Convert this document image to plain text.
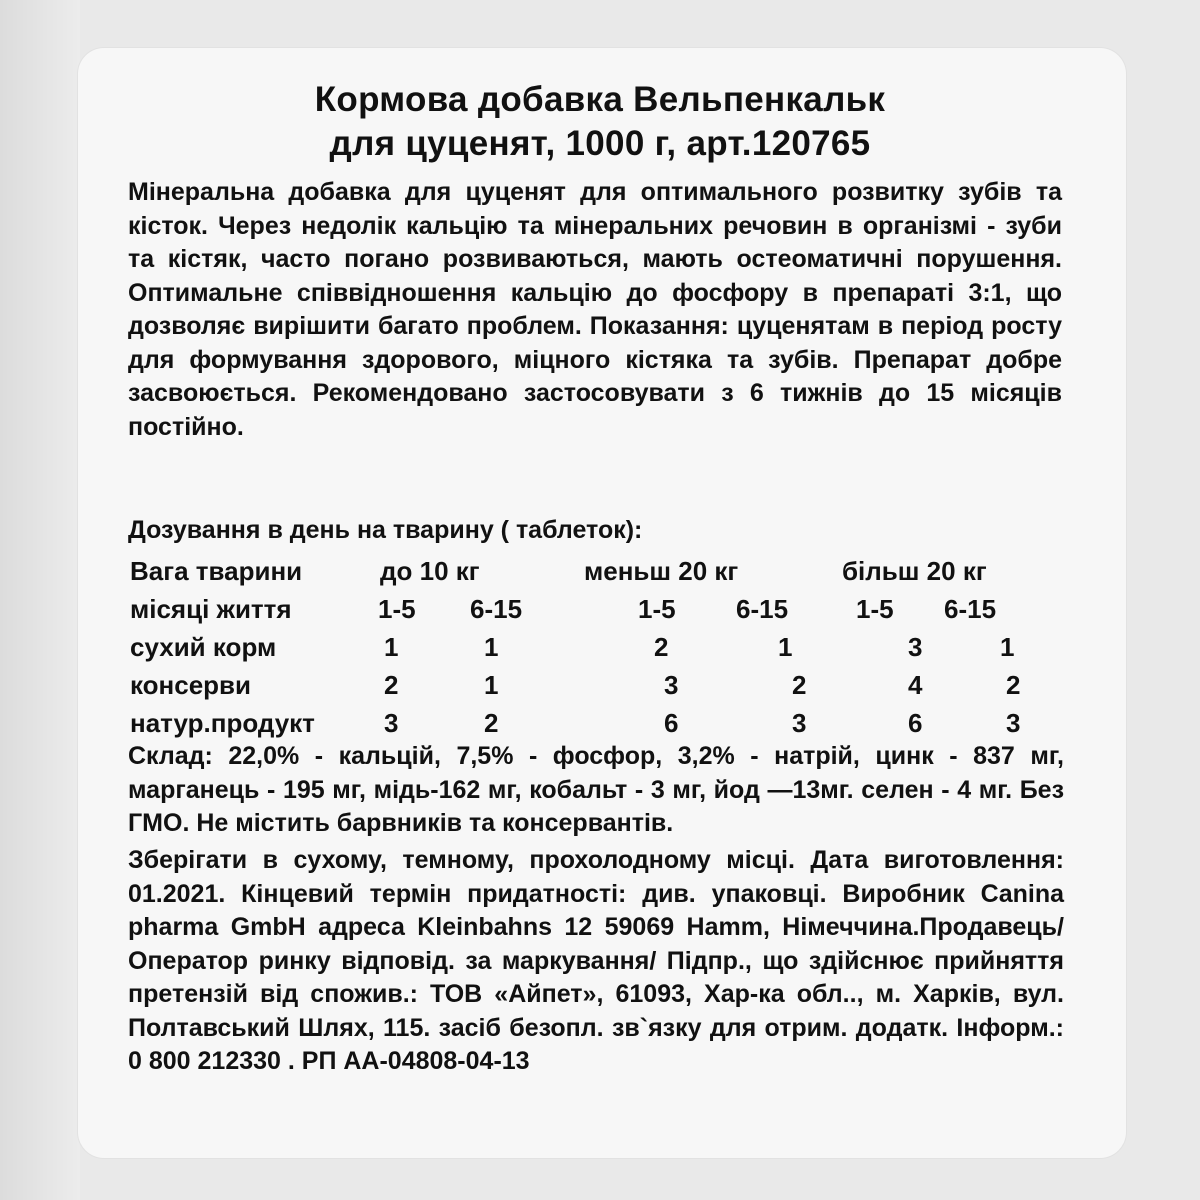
Кормова добавка Вельпенкальк
для цуценят, 1000 г, арт.120765
Мінеральна добавка для цуценят для оптимального розвитку зубів та кісток. Через недолік кальцію та мінеральних речовин в організмі - зуби та кістяк, часто погано розвиваються, мають остеоматичні порушення. Оптимальне співвідношення кальцію до фосфору в препараті 3:1, що дозволяє вирішити багато проблем. Показання: цуценятам в період росту для формування здорового, міцного кістяка та зубів. Препарат добре засвоюється. Рекомендовано застосовувати з 6 тижнів до 15 місяців постійно.
Дозування в день на тварину ( таблеток):
Вага тварини	до 10 кг	меньш 20 кг	більш 20 кг
місяці життя	1-5 6-15	1-5 6-15	1-5 6-15
сухий корм	1	1	2	1	3	1
консерви	2	1	3	2	4	2
натур.продукт	3	2	6	3	6	3
Склад: 22,0% - кальцій, 7,5% - фосфор, 3,2% - натрій, цинк - 837 мг, марганець - 195 мг, мідь-162 мг, кобальт - 3 мг, йод —13мг. селен - 4 мг. Без ГМО. Не містить барвників та консервантів.
Зберігати в сухому, темному, прохолодному місці. Дата виготовлення: 01.2021. Кінцевий термін придатності: див. упаковці. Виробник Canina pharma GmbH адреса Kleinbahns 12 59069 Hamm, Німеччина.Продавець/ Оператор ринку відповід. за маркування/ Підпр., що здійснює прийняття претензій від спожив.: ТОВ «Айпет», 61093, Хар-ка обл.., м. Харків, вул. Полтавський Шлях, 115. засіб безопл. зв`язку для отрим. додатк. Інформ.: 0 800 212330 . РП АА-04808-04-13
